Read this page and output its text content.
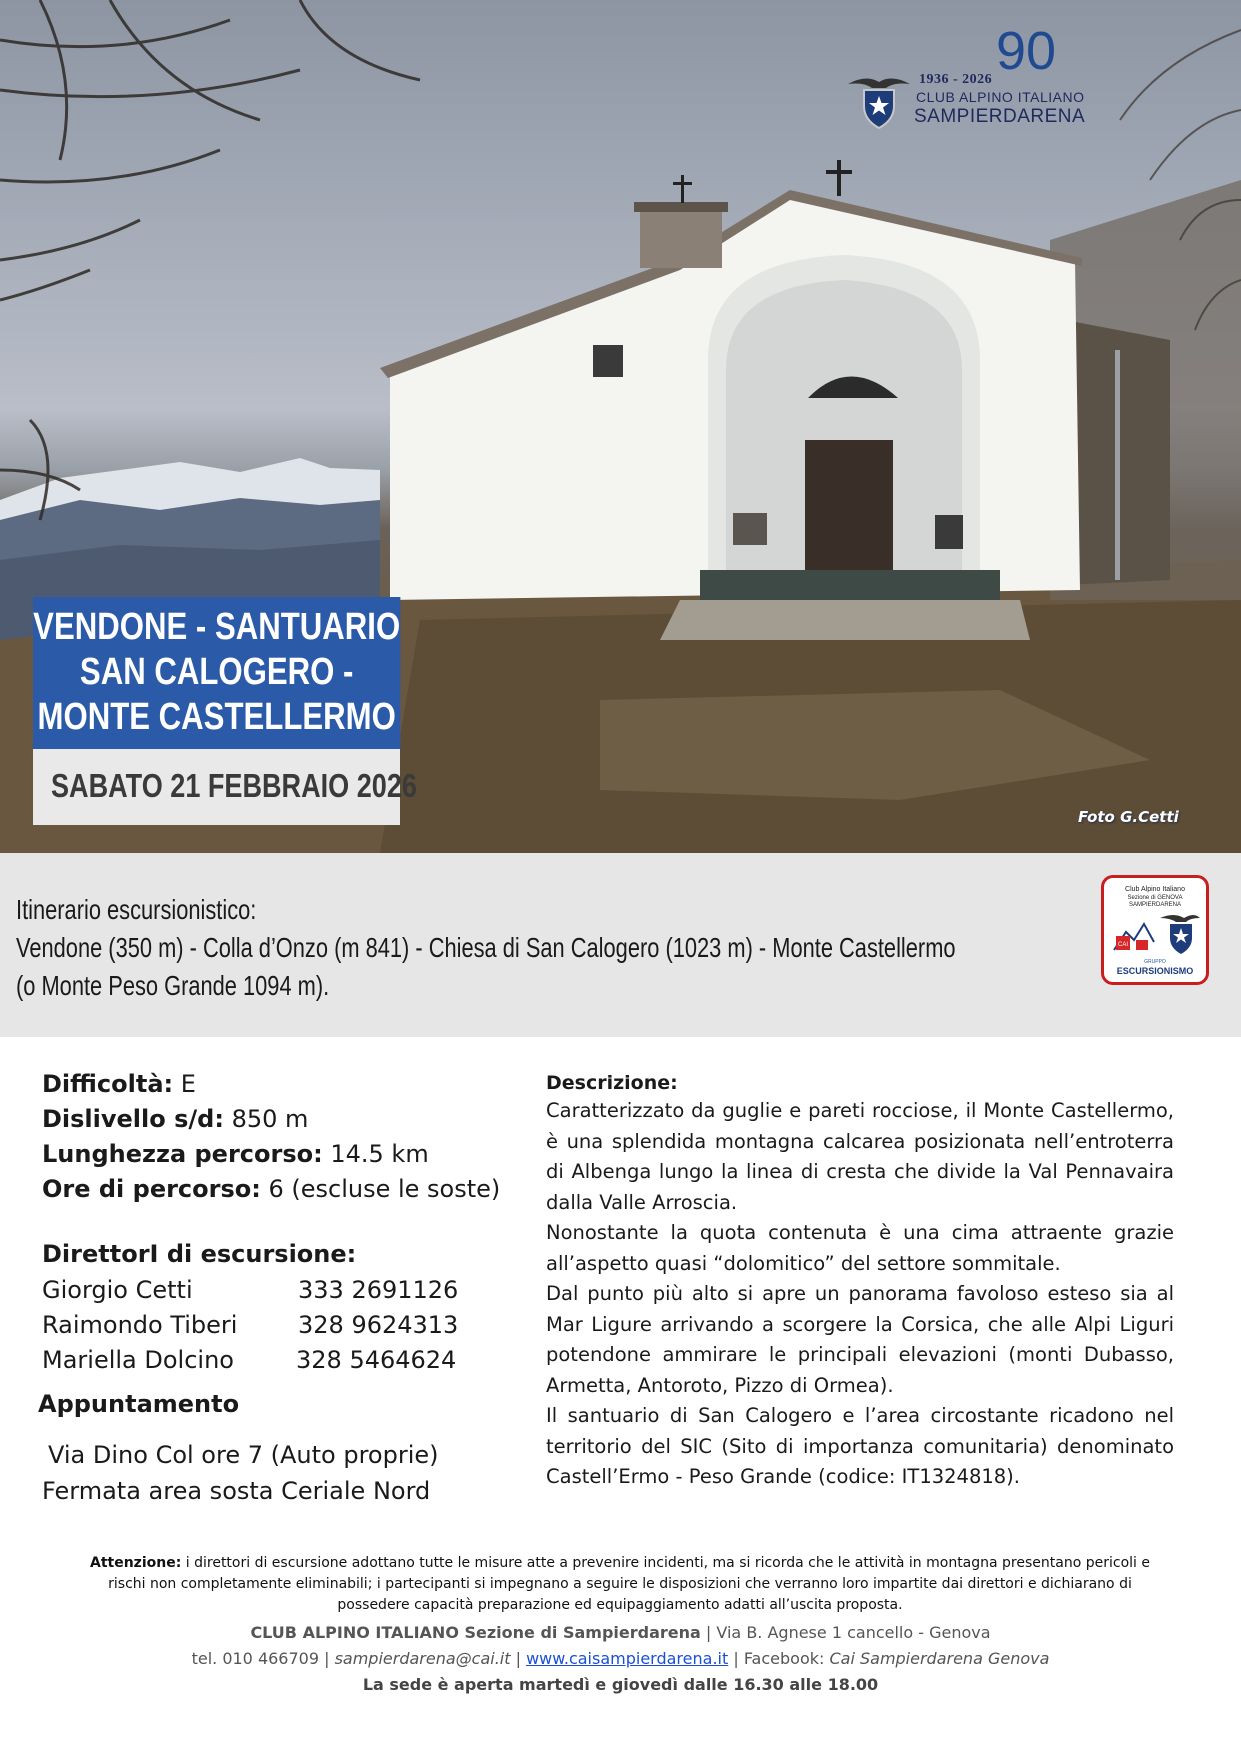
1936 - 2026
CLUB ALPINO ITALIANO
SAMPIERDARENA
90
Foto G.Cetti
VENDONE - SANTUARIO
SAN CALOGERO -
MONTE CASTELLERMO
SABATO 21 FEBBRAIO 2026
Itinerario escursionistico:
Vendone (350 m) - Colla d’Onzo (m 841) - Chiesa di San Calogero (1023 m) - Monte Castellermo
(o Monte Peso Grande 1094 m).
Club Alpino Italiano
Sezione di GENOVA
SAMPIERDARENA
CAI
GRUPPO
ESCURSIONISMO
Difficoltà: E
Dislivello s/d: 850 m
Lunghezza percorso: 14.5 km
Ore di percorso: 6 (escluse le soste)
DirettorI di escursione:
Giorgio Cetti	333 2691126
Raimondo Tiberi	328 9624313
Mariella Dolcino	328 5464624
Appuntamento
Via Dino Col ore 7 (Auto proprie)
Fermata area sosta Ceriale Nord
Descrizione:

Caratterizzato da guglie e pareti rocciose, il Monte Castellermo, è una splendida montagna calcarea posizionata nell’entroterra di Albenga lungo la linea di cresta che divide la Val Pennavaira dalla Valle Arroscia.

Nonostante la quota contenuta è una cima attraente grazie all’aspetto quasi “dolomitico” del settore sommitale.

Dal punto più alto si apre un panorama favoloso esteso sia al Mar Ligure arrivando a scorgere la Corsica, che alle Alpi Liguri potendone ammirare le principali elevazioni (monti Dubasso, Armetta, Antoroto, Pizzo di Ormea).

Il santuario di San Calogero e l’area circostante ricadono nel territorio del SIC (Sito di importanza comunitaria) denominato Castell’Ermo - Peso Grande (codice: IT1324818).

Attenzione: i direttori di escursione adottano tutte le misure atte a prevenire incidenti, ma si ricorda che le attività in montagna presentano pericoli e rischi non completamente eliminabili; i partecipanti si impegnano a seguire le disposizioni che verranno loro impartite dai direttori e dichiarano di possedere capacità preparazione ed equipaggiamento adatti all’uscita proposta.
CLUB ALPINO ITALIANO Sezione di Sampierdarena | Via B. Agnese 1 cancello - Genova
tel. 010 466709 | sampierdarena@cai.it | www.caisampierdarena.it | Facebook: Cai Sampierdarena Genova
La sede è aperta martedì e giovedì dalle 16.30 alle 18.00
